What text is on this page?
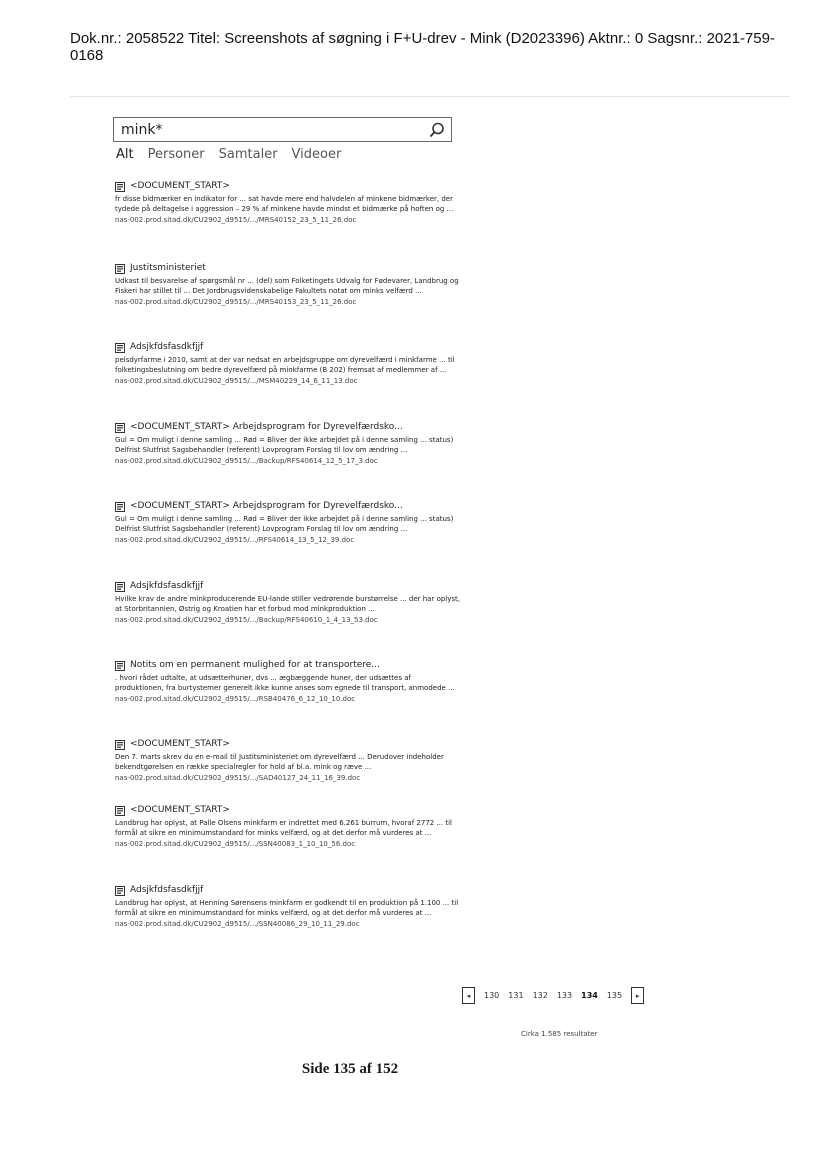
Dok.nr.: 2058522 Titel: Screenshots af søgning i F+U-drev - Mink (D2023396) Aktnr.: 0 Sagsnr.: 2021-759-0168
mink*
Alt Personer Samtaler Videoer
<DOCUMENT_START>
fr disse bidmærker en indikator for ... sat havde mere end halvdelen af minkene bidmærker, der tydede på deltagelse i aggression – 29 % af minkene havde mindst et bidmærke på hoften og ...
nas-002.prod.sitad.dk/CU2902_d9515/.../MRS40152_23_5_11_26.doc
Justitsministeriet
Udkast til besvarelse af spørgsmål nr ... (del) som Folketingets Udvalg for Fødevarer, Landbrug og Fiskeri har stillet til ... Det Jordbrugsvidenskabelige Fakultets notat om minks velfærd ...
nas-002.prod.sitad.dk/CU2902_d9515/.../MRS40153_23_5_11_26.doc
Adsjkfdsfasdkfjjf
pelsdyrfarme i 2010, samt at der var nedsat en arbejdsgruppe om dyrevelfærd i minkfarme ... til folketingsbeslutning om bedre dyrevelfærd på minkfarme (B 202) fremsat af medlemmer af ...
nas-002.prod.sitad.dk/CU2902_d9515/.../MSM40229_14_6_11_13.doc
<DOCUMENT_START> Arbejdsprogram for Dyrevelfærdsko...
Gul = Om muligt i denne samling ... Rød = Bliver der ikke arbejdet på i denne samling ... status) Delfrist Slutfrist Sagsbehandler (referent) Lovprogram Forslag til lov om ændring ...
nas-002.prod.sitad.dk/CU2902_d9515/.../Backup/RFS40614_12_5_17_3.doc
<DOCUMENT_START> Arbejdsprogram for Dyrevelfærdsko...
Gul = Om muligt i denne samling ... Rød = Bliver der ikke arbejdet på i denne samling ... status) Delfrist Slutfrist Sagsbehandler (referent) Lovprogram Forslag til lov om ændring ...
nas-002.prod.sitad.dk/CU2902_d9515/.../RFS40614_13_5_12_39.doc
Adsjkfdsfasdkfjjf
Hvilke krav de andre minkproducerende EU-lande stiller vedrørende burstørrelse ... der har oplyst, at Storbritannien, Østrig og Kroatien har et forbud mod minkproduktion ...
nas-002.prod.sitad.dk/CU2902_d9515/.../Backup/RFS40610_1_4_13_53.doc
Notits om en permanent mulighed for at transportere...
. hvori rådet udtalte, at udsætterhuner, dvs ... ægbæggende huner, der udsættes af produktionen, fra burtystemer generelt ikke kunne anses som egnede til transport, anmodede ...
nas-002.prod.sitad.dk/CU2902_d9515/.../RSB40476_6_12_10_10.doc
<DOCUMENT_START>
Den 7. marts skrev du en e-mail til Justitsministeriet om dyrevelfærd ... Derudover indeholder bekendtgørelsen en række specialregler for hold af bl.a. mink og ræve ...
nas-002.prod.sitad.dk/CU2902_d9515/.../SAD40127_24_11_16_39.doc
<DOCUMENT_START>
Landbrug har oplyst, at Palle Olsens minkfarm er indrettet med 6.261 burrum, hvoraf 2772 ... til formål at sikre en minimumstandard for minks velfærd, og at det derfor må vurderes at ...
nas-002.prod.sitad.dk/CU2902_d9515/.../SSN40083_1_10_10_56.doc
Adsjkfdsfasdkfjjf
Landbrug har oplyst, at Henning Sørensens minkfarm er godkendt til en produktion på 1.100 ... til formål at sikre en minimumstandard for minks velfærd, og at det derfor må vurderes at ...
nas-002.prod.sitad.dk/CU2902_d9515/.../SSN40086_29_10_11_29.doc
◂	130 131 132 133 134 135	▸
Cirka 1.585 resultater
Side 135 af 152
